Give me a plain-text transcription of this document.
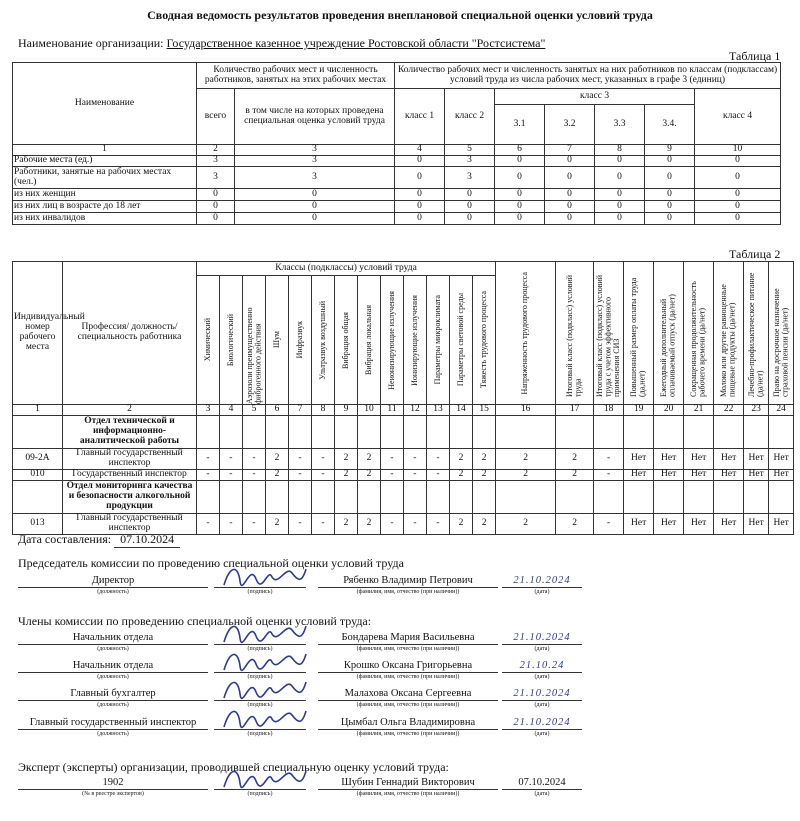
Сводная ведомость результатов проведения внеплановой специальной оценки условий труда
Наименование организации: Государственное казенное учреждение Ростовской области "Ростсистема"
Таблица 1
Наименование	Количество рабочих мест и численность работников, занятых на этих рабочих местах		Количество рабочих мест и численность занятых на них работников по классам (подклассам) условий труда из числа рабочих мест, указанных в графе 3 (единиц)						
	всего	в том числе на которых проведена специальная оценка условий труда	класс 1	класс 2	класс 3				класс 4
					3.1	3.2	3.3	3.4.	
1	2	3	4	5	6	7	8	9	10
Рабочие места (ед.)	3	3	0	3	0	0	0	0	0
Работники, занятые на рабочих местах (чел.)	3	3	0	3	0	0	0	0	0
из них женщин	0	0	0	0	0	0	0	0	0
из них лиц в возрасте до 18 лет	0	0	0	0	0	0	0	0	0
из них инвалидов	0	0	0	0	0	0	0	0	0
Таблица 2
Индивидуальный номер рабочего места	Профессия/ должность/ специальность работника	Классы (подклассы) условий труда													Напряженность трудового процесса	Итоговый класс (подкласс) условий труда	Итоговый класс (подкласс) условий труда с учетом эффективного применения СИЗ	Повышенный размер оплаты труда (да,нет)	Ежегодный дополнительный оплачиваемый отпуск (да/нет)	Сокращенная продолжительность рабочего времени (да/нет)	Молоко или другие равноценные пищевые продукты (да/нет)	Лечебно-профилактическое питание (да/нет)	Право на досрочное назначение страховой пенсии (да/нет)

		Химический	Биологический	Аэрозоли преимущественно фиброгенного действия	Шум	Инфразвук	Ультразвук воздушный	Вибрация общая	Вибрация локальная	Неионизирующие излучения	Ионизирующие излучения	Параметры микроклимата	Параметры световой среды	Тяжесть трудового процесса									

1	2	3	4	5	6	7	8	9	10	11	12	13	14	15	16	17	18	19	20	21	22	23	24
	Отдел технической и информационно-аналитической работы																						
09-2А	Главный государственный инспектор	-	-	-	2	-	-	2	2	-	-	-	2	2	2	2	-	Нет	Нет	Нет	Нет	Нет	Нет
010	Государственный инспектор	-	-	-	2	-	-	2	2	-	-	-	2	2	2	2	-	Нет	Нет	Нет	Нет	Нет	Нет
	Отдел мониторинга качества и безопасности алкогольной продукции																						
013	Главный государственный инспектор	-	-	-	2	-	-	2	2	-	-	-	2	2	2	2	-	Нет	Нет	Нет	Нет	Нет	Нет
Дата составления: 07.10.2024
Председатель комиссии по проведению специальной оценки условий труда
Директор
(должность)	(подпись)
Рябенко Владимир Петрович
(фамилия, имя, отчество (при наличии))
21.10.2024
(дата)
Члены комиссии по проведению специальной оценки условий труда:
Начальник отдела
(должность)	(подпись)
Бондарева Мария Васильевна
(фамилия, имя, отчество (при наличии))
21.10.2024
(дата)
Начальник отдела
(должность)	(подпись)
Крошко Оксана Григорьевна
(фамилия, имя, отчество (при наличии))
21.10.24
(дата)
Главный бухгалтер
(должность)	(подпись)
Малахова Оксана Сергеевна
(фамилия, имя, отчество (при наличии))
21.10.2024
(дата)
Главный государственный инспектор
(должность)	(подпись)
Цымбал Ольга Владимировна
(фамилия, имя, отчество (при наличии))
21.10.2024
(дата)
Эксперт (эксперты) организации, проводившей специальную оценку условий труда:
1902
(№ в реестре экспертов)	(подпись)
Шубин Геннадий Викторович
(фамилия, имя, отчество (при наличии))
07.10.2024
(дата)
